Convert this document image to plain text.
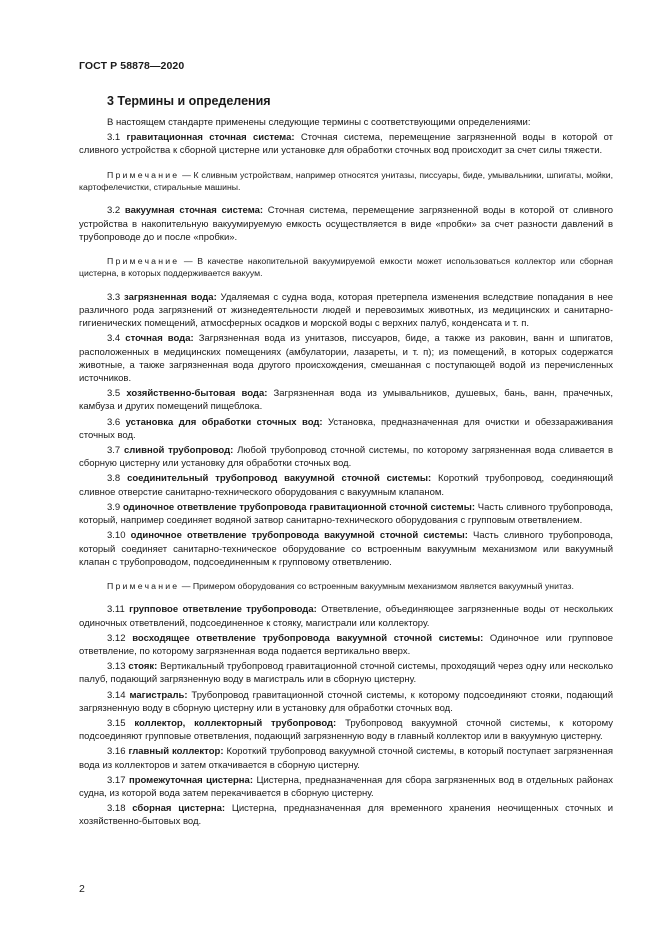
ГОСТ Р 58878—2020
3 Термины и определения

В настоящем стандарте применены следующие термины с соответствующими определениями:

3.1 гравитационная сточная система: Сточная система, перемещение загрязненной воды в которой от сливного устройства к сборной цистерне или установке для обработки сточных вод происходит за счет силы тяжести.

Примечание — К сливным устройствам, например относятся унитазы, писсуары, биде, умывальники, шпигаты, мойки, картофелечистки, стиральные машины.

3.2 вакуумная сточная система: Сточная система, перемещение загрязненной воды в которой от сливного устройства в накопительную вакуумируемую емкость осуществляется в виде «пробки» за счет разности давлений в трубопроводе до и после «пробки».

Примечание — В качестве накопительной вакуумируемой емкости может использоваться коллектор или сборная цистерна, в которых поддерживается вакуум.

3.3 загрязненная вода: Удаляемая с судна вода, которая претерпела изменения вследствие попадания в нее различного рода загрязнений от жизнедеятельности людей и перевозимых животных, из медицинских и санитарно-гигиенических помещений, атмосферных осадков и морской воды с верхних палуб, конденсата и т. п.

3.4 сточная вода: Загрязненная вода из унитазов, писсуаров, биде, а также из раковин, ванн и шпигатов, расположенных в медицинских помещениях (амбулатории, лазареты, и т. п); из помещений, в которых содержатся животные, а также загрязненная вода другого происхождения, смешанная с поступающей водой из перечисленных источников.

3.5 хозяйственно-бытовая вода: Загрязненная вода из умывальников, душевых, бань, ванн, прачечных, камбуза и других помещений пищеблока.

3.6 установка для обработки сточных вод: Установка, предназначенная для очистки и обеззараживания сточных вод.

3.7 сливной трубопровод: Любой трубопровод сточной системы, по которому загрязненная вода сливается в сборную цистерну или установку для обработки сточных вод.

3.8 соединительный трубопровод вакуумной сточной системы: Короткий трубопровод, соединяющий сливное отверстие санитарно-технического оборудования с вакуумным клапаном.

3.9 одиночное ответвление трубопровода гравитационной сточной системы: Часть сливного трубопровода, который, например соединяет водяной затвор санитарно-технического оборудования с групповым ответвлением.

3.10 одиночное ответвление трубопровода вакуумной сточной системы: Часть сливного трубопровода, который соединяет санитарно-техническое оборудование со встроенным вакуумным механизмом или вакуумный клапан с трубопроводом, подсоединенным к групповому ответвлению.

Примечание — Примером оборудования со встроенным вакуумным механизмом является вакуумный унитаз.

3.11 групповое ответвление трубопровода: Ответвление, объединяющее загрязненные воды от нескольких одиночных ответвлений, подсоединенное к стояку, магистрали или коллектору.

3.12 восходящее ответвление трубопровода вакуумной сточной системы: Одиночное или групповое ответвление, по которому загрязненная вода подается вертикально вверх.

3.13 стояк: Вертикальный трубопровод гравитационной сточной системы, проходящий через одну или несколько палуб, подающий загрязненную воду в магистраль или в сборную цистерну.

3.14 магистраль: Трубопровод гравитационной сточной системы, к которому подсоединяют стояки, подающий загрязненную воду в сборную цистерну или в установку для обработки сточных вод.

3.15 коллектор, коллекторный трубопровод: Трубопровод вакуумной сточной системы, к которому подсоединяют групповые ответвления, подающий загрязненную воду в главный коллектор или в вакуумную цистерну.

3.16 главный коллектор: Короткий трубопровод вакуумной сточной системы, в который поступает загрязненная вода из коллекторов и затем откачивается в сборную цистерну.

3.17 промежуточная цистерна: Цистерна, предназначенная для сбора загрязненных вод в отдельных районах судна, из которой вода затем перекачивается в сборную цистерну.

3.18 сборная цистерна: Цистерна, предназначенная для временного хранения неочищенных сточных и хозяйственно-бытовых вод.

2
